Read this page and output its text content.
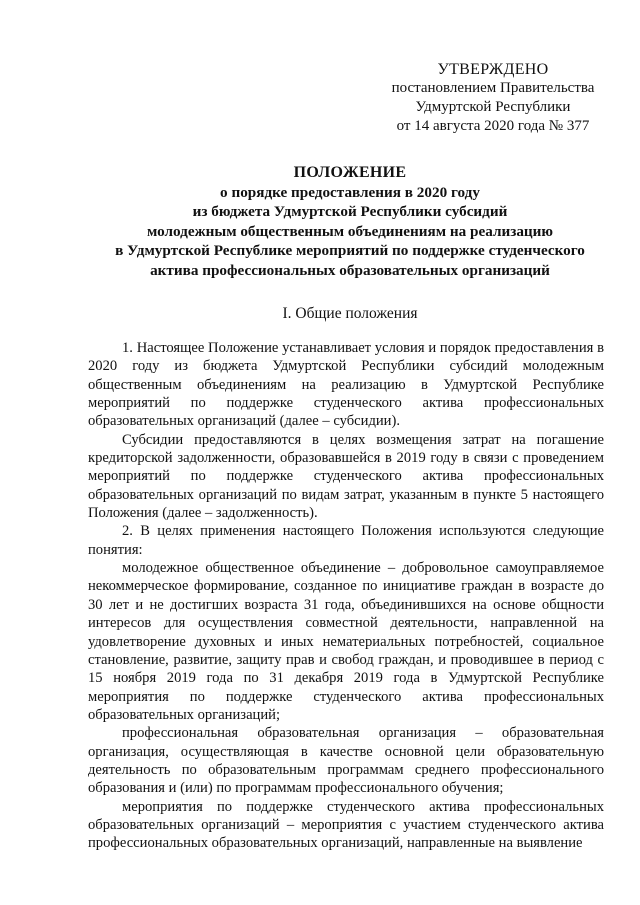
УТВЕРЖДЕНО
постановлением Правительства
Удмуртской Республики
от 14 августа 2020 года № 377
ПОЛОЖЕНИЕ
о порядке предоставления в 2020 году
из бюджета Удмуртской Республики субсидий
молодежным общественным объединениям на реализацию
в Удмуртской Республике мероприятий по поддержке студенческого
актива профессиональных образовательных организаций
I. Общие положения

1. Настоящее Положение устанавливает условия и порядок предоставления в 2020 году из бюджета Удмуртской Республики субсидий молодежным общественным объединениям на реализацию в Удмуртской Республике мероприятий по поддержке студенческого актива профессиональных образовательных организаций (далее – субсидии).

Субсидии предоставляются в целях возмещения затрат на погашение кредиторской задолженности, образовавшейся в 2019 году в связи с проведением мероприятий по поддержке студенческого актива профессиональных образовательных организаций по видам затрат, указанным в пункте 5 настоящего Положения (далее – задолженность).

2. В целях применения настоящего Положения используются следующие понятия:

молодежное общественное объединение – добровольное самоуправляемое некоммерческое формирование, созданное по инициативе граждан в возрасте до 30 лет и не достигших возраста 31 года, объединившихся на основе общности интересов для осуществления совместной деятельности, направленной на удовлетворение духовных и иных нематериальных потребностей, социальное становление, развитие, защиту прав и свобод граждан, и проводившее в период с 15 ноября 2019 года по 31 декабря 2019 года в Удмуртской Республике мероприятия по поддержке студенческого актива профессиональных образовательных организаций;

профессиональная образовательная организация – образовательная организация, осуществляющая в качестве основной цели образовательную деятельность по образовательным программам среднего профессионального образования и (или) по программам профессионального обучения;

мероприятия по поддержке студенческого актива профессиональных образовательных организаций – мероприятия с участием студенческого актива профессиональных образовательных организаций, направленные на выявление
